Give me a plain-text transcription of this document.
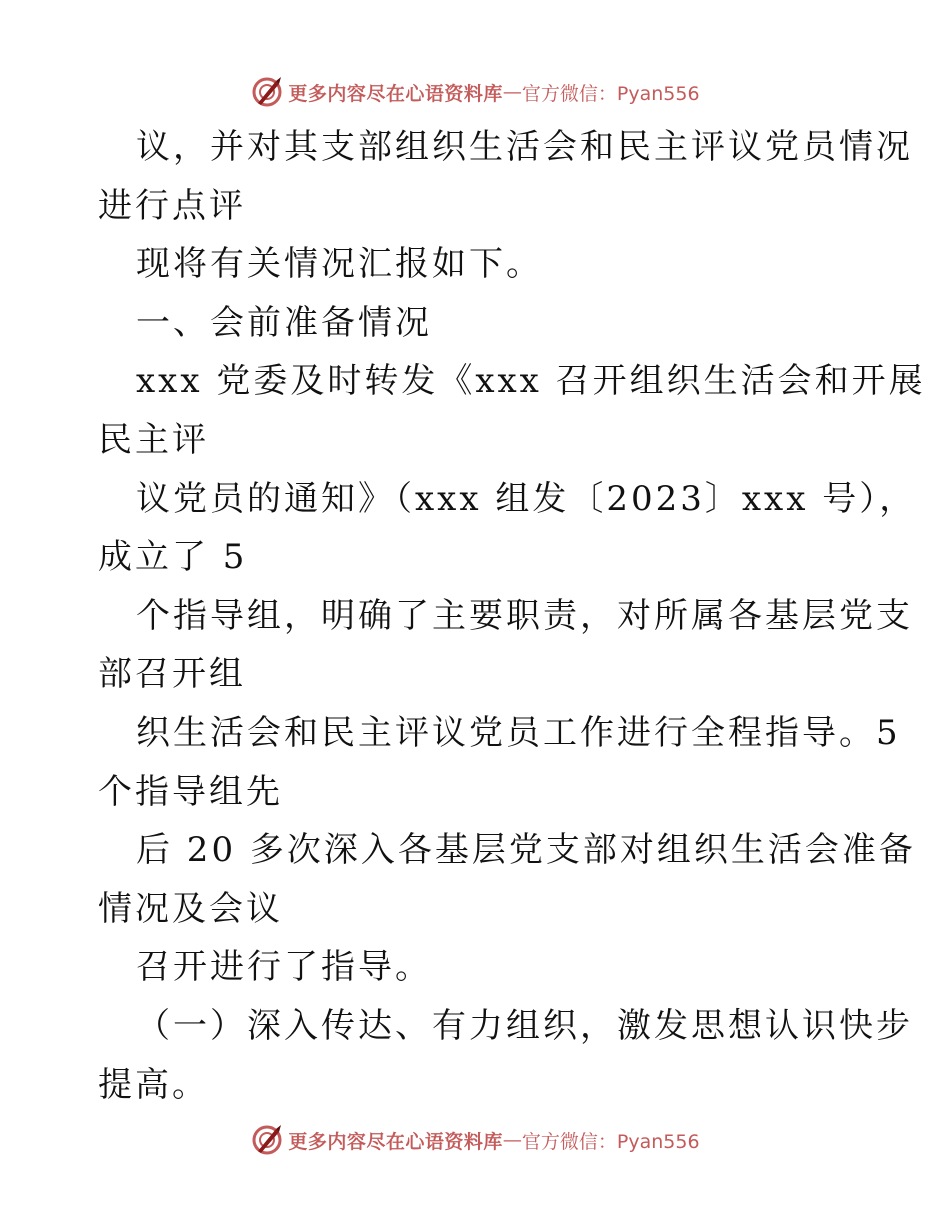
更多内容尽在心语资料库 — 官方微信：Pyan556
议，并对其支部组织生活会和民主评议党员情况
进行点评
现将有关情况汇报如下。
一、会前准备情况
xxx 党委及时转发《xxx 召开组织生活会和开展
民主评
议党员的通知》（xxx 组发〔2023〕xxx 号），
成立了 5
个指导组，明确了主要职责，对所属各基层党支
部召开组
织生活会和民主评议党员工作进行全程指导。5
个指导组先
后 20 多次深入各基层党支部对组织生活会准备
情况及会议
召开进行了指导。
（一）深入传达、有力组织，激发思想认识快步
提高。
更多内容尽在心语资料库 — 官方微信：Pyan556
